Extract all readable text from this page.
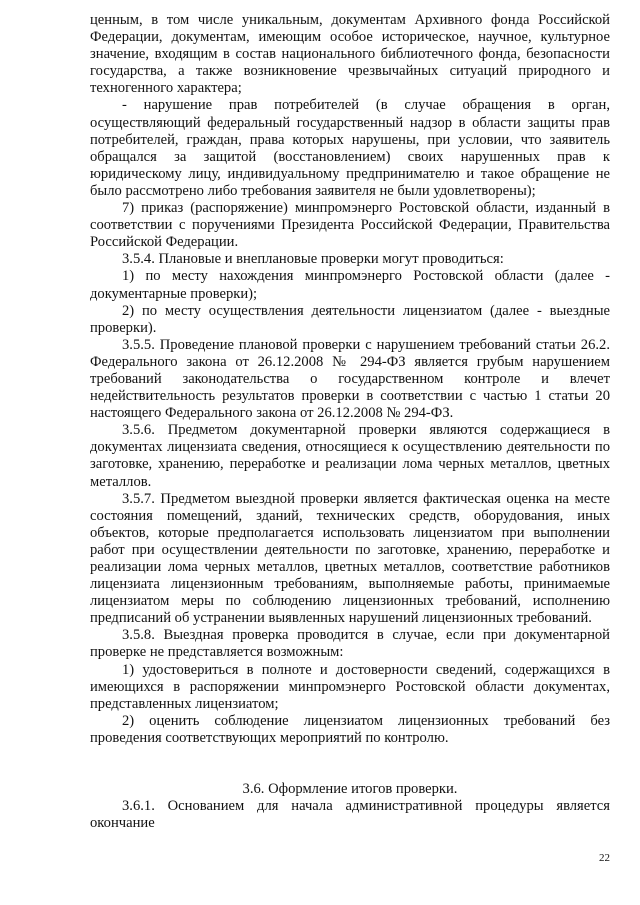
ценным, в том числе уникальным, документам Архивного фонда Российской Федерации, документам, имеющим особое историческое, научное, культурное значение, входящим в состав национального библиотечного фонда, безопасности государства, а также возникновение чрезвычайных ситуаций природного и техногенного характера;

- нарушение прав потребителей (в случае обращения в орган, осуществляющий федеральный государственный надзор в области защиты прав потребителей, граждан, права которых нарушены, при условии, что заявитель обращался за защитой (восстановлением) своих нарушенных прав к юридическому лицу, индивидуальному предпринимателю и такое обращение не было рассмотрено либо требования заявителя не были удовлетворены);

7) приказ (распоряжение) минпромэнерго Ростовской области, изданный в соответствии с поручениями Президента Российской Федерации, Правительства Российской Федерации.

3.5.4. Плановые и внеплановые проверки могут проводиться:

1) по месту нахождения минпромэнерго Ростовской области (далее - документарные проверки);

2) по месту осуществления деятельности лицензиатом (далее - выездные проверки).

3.5.5. Проведение плановой проверки с нарушением требований статьи 26.2. Федерального закона от 26.12.2008 № 294-ФЗ является грубым нарушением требований законодательства о государственном контроле и влечет недействительность результатов проверки в соответствии с частью 1 статьи 20 настоящего Федерального закона от 26.12.2008 № 294-ФЗ.

3.5.6. Предметом документарной проверки являются содержащиеся в документах лицензиата сведения, относящиеся к осуществлению деятельности по заготовке, хранению, переработке и реализации лома черных металлов, цветных металлов.

3.5.7. Предметом выездной проверки является фактическая оценка на месте состояния помещений, зданий, технических средств, оборудования, иных объектов, которые предполагается использовать лицензиатом при выполнении работ при осуществлении деятельности по заготовке, хранению, переработке и реализации лома черных металлов, цветных металлов, соответствие работников лицензиата лицензионным требованиям, выполняемые работы, принимаемые лицензиатом меры по соблюдению лицензионных требований, исполнению предписаний об устранении выявленных нарушений лицензионных требований.

3.5.8. Выездная проверка проводится в случае, если при документарной проверке не представляется возможным:

1) удостовериться в полноте и достоверности сведений, содержащихся в имеющихся в распоряжении минпромэнерго Ростовской области документах, представленных лицензиатом;

2) оценить соблюдение лицензиатом лицензионных требований без проведения соответствующих мероприятий по контролю.

3.6. Оформление итогов проверки.

3.6.1. Основанием для начала административной процедуры является окончание

22
